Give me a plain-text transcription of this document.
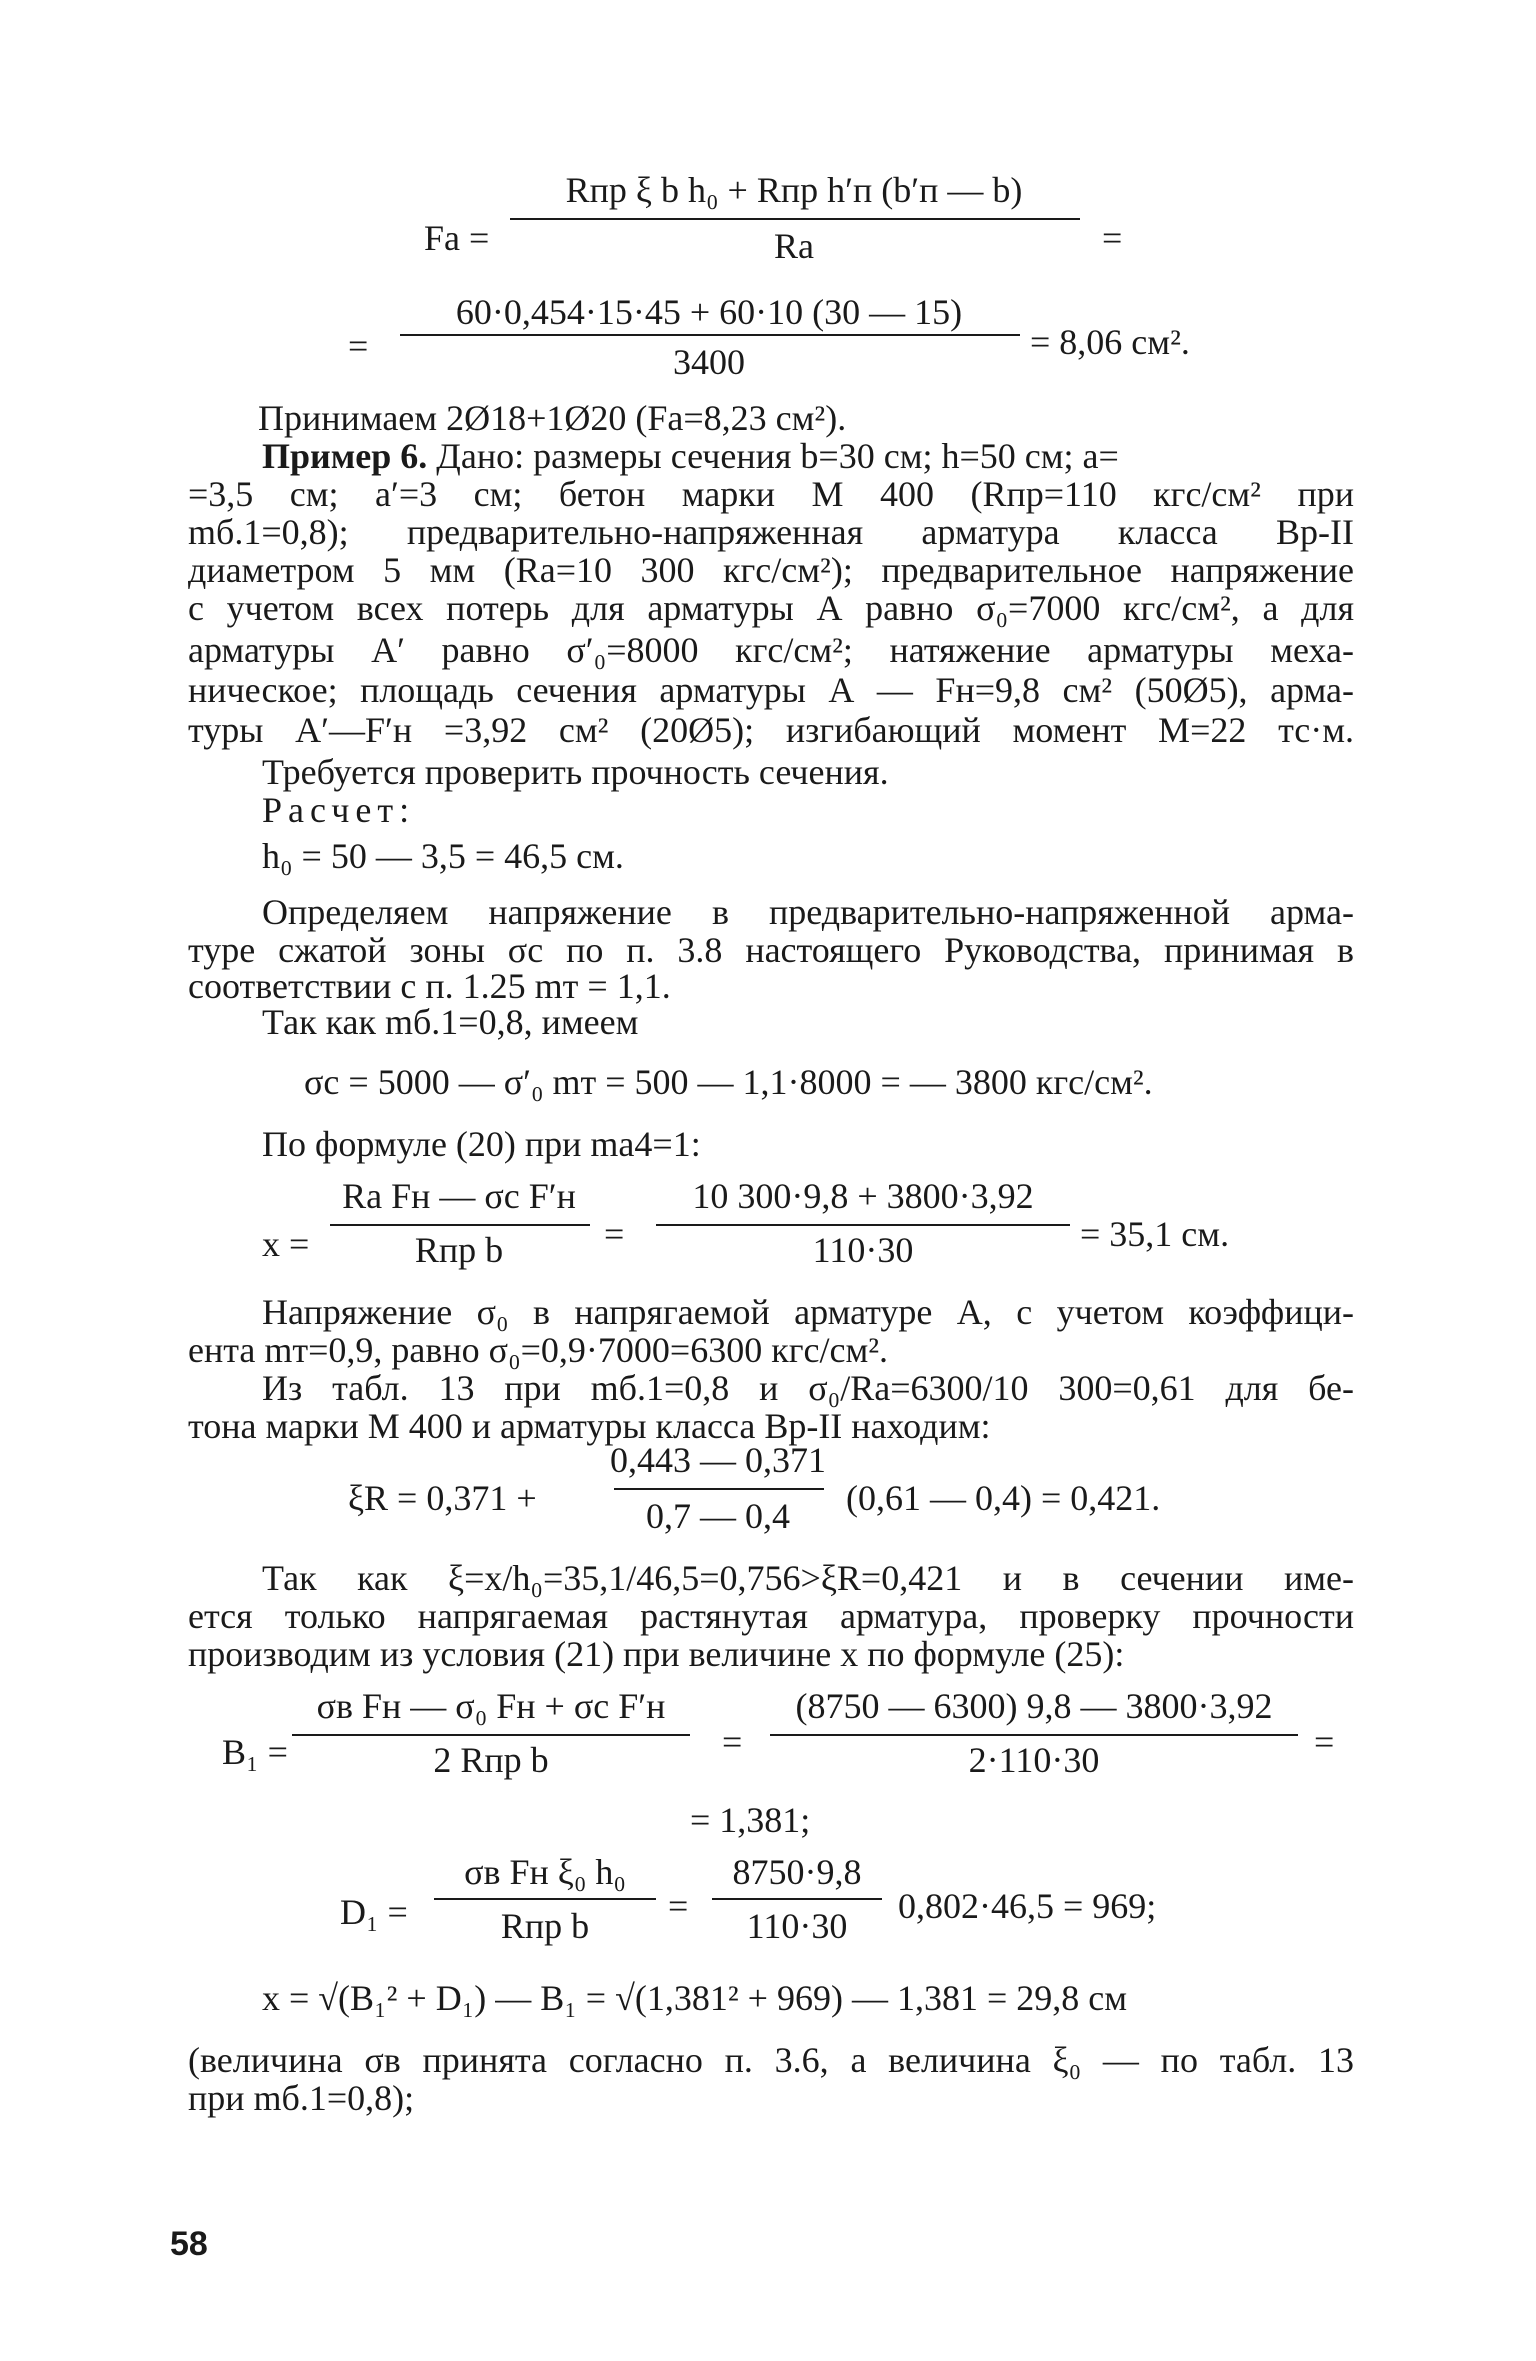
Fа =
Rпр ξ b h₀ + Rпр h′п (b′п — b)
Rа	=
=
60·0,454·15·45 + 60·10 (30 — 15)
3400	= 8,06 см².
Принимаем 2Ø18+1Ø20 (Fа=8,23 см²).
Пример 6. Дано: размеры сечения b=30 см; h=50 см; a=
=3,5 см; a′=3 см; бетон марки М 400 (Rпр=110 кгс/см² при
mб.1=0,8); предварительно-напряженная арматура класса Вр-II
диаметром 5 мм (Rа=10 300 кгс/см²); предварительное напряжение
с учетом всех потерь для арматуры А равно σ₀=7000 кгс/см², а для
арматуры А′ равно σ′₀=8000 кгс/см²; натяжение арматуры меха-
ническое; площадь сечения арматуры А — Fн=9,8 см² (50Ø5), арма-
туры А′—F′н =3,92 см² (20Ø5); изгибающий момент М=22 тс·м.
Требуется проверить прочность сечения.
Расчет:
h₀ = 50 — 3,5 = 46,5 см.
Определяем напряжение в предварительно-напряженной арма-
туре сжатой зоны σс по п. 3.8 настоящего Руководства, принимая в
соответствии с п. 1.25 mт = 1,1.
Так как mб.1=0,8, имеем
σс = 5000 — σ′₀ mт = 500 — 1,1·8000 = — 3800 кгс/см².
По формуле (20) при mа4=1:
x =
Rа Fн — σс F′н
Rпр b	=
10 300·9,8 + 3800·3,92
110·30	= 35,1 см.
Напряжение σ₀ в напрягаемой арматуре А, с учетом коэффици-
ента mт=0,9, равно σ₀=0,9·7000=6300 кгс/см².
Из табл. 13 при mб.1=0,8 и σ₀/Rа=6300/10 300=0,61 для бе-
тона марки М 400 и арматуры класса Вр-II находим:
ξR = 0,371 +
0,443 — 0,371
0,7 — 0,4	(0,61 — 0,4) = 0,421.
Так как ξ=x/h₀=35,1/46,5=0,756>ξR=0,421 и в сечении име-
ется только напрягаемая растянутая арматура, проверку прочности
производим из условия (21) при величине x по формуле (25):
B₁ =
σв Fн — σ₀ Fн + σс F′н
2 Rпр b	=
(8750 — 6300) 9,8 — 3800·3,92
2·110·30	=
= 1,381;
D₁ =
σв Fн ξ₀ h₀
Rпр b	=
8750·9,8
110·30	0,802·46,5 = 969;
x = √(B₁² + D₁) — B₁ = √(1,381² + 969) — 1,381 = 29,8 см
(величина σв принята согласно п. 3.6, а величина ξ₀ — по табл. 13
при mб.1=0,8);
58
